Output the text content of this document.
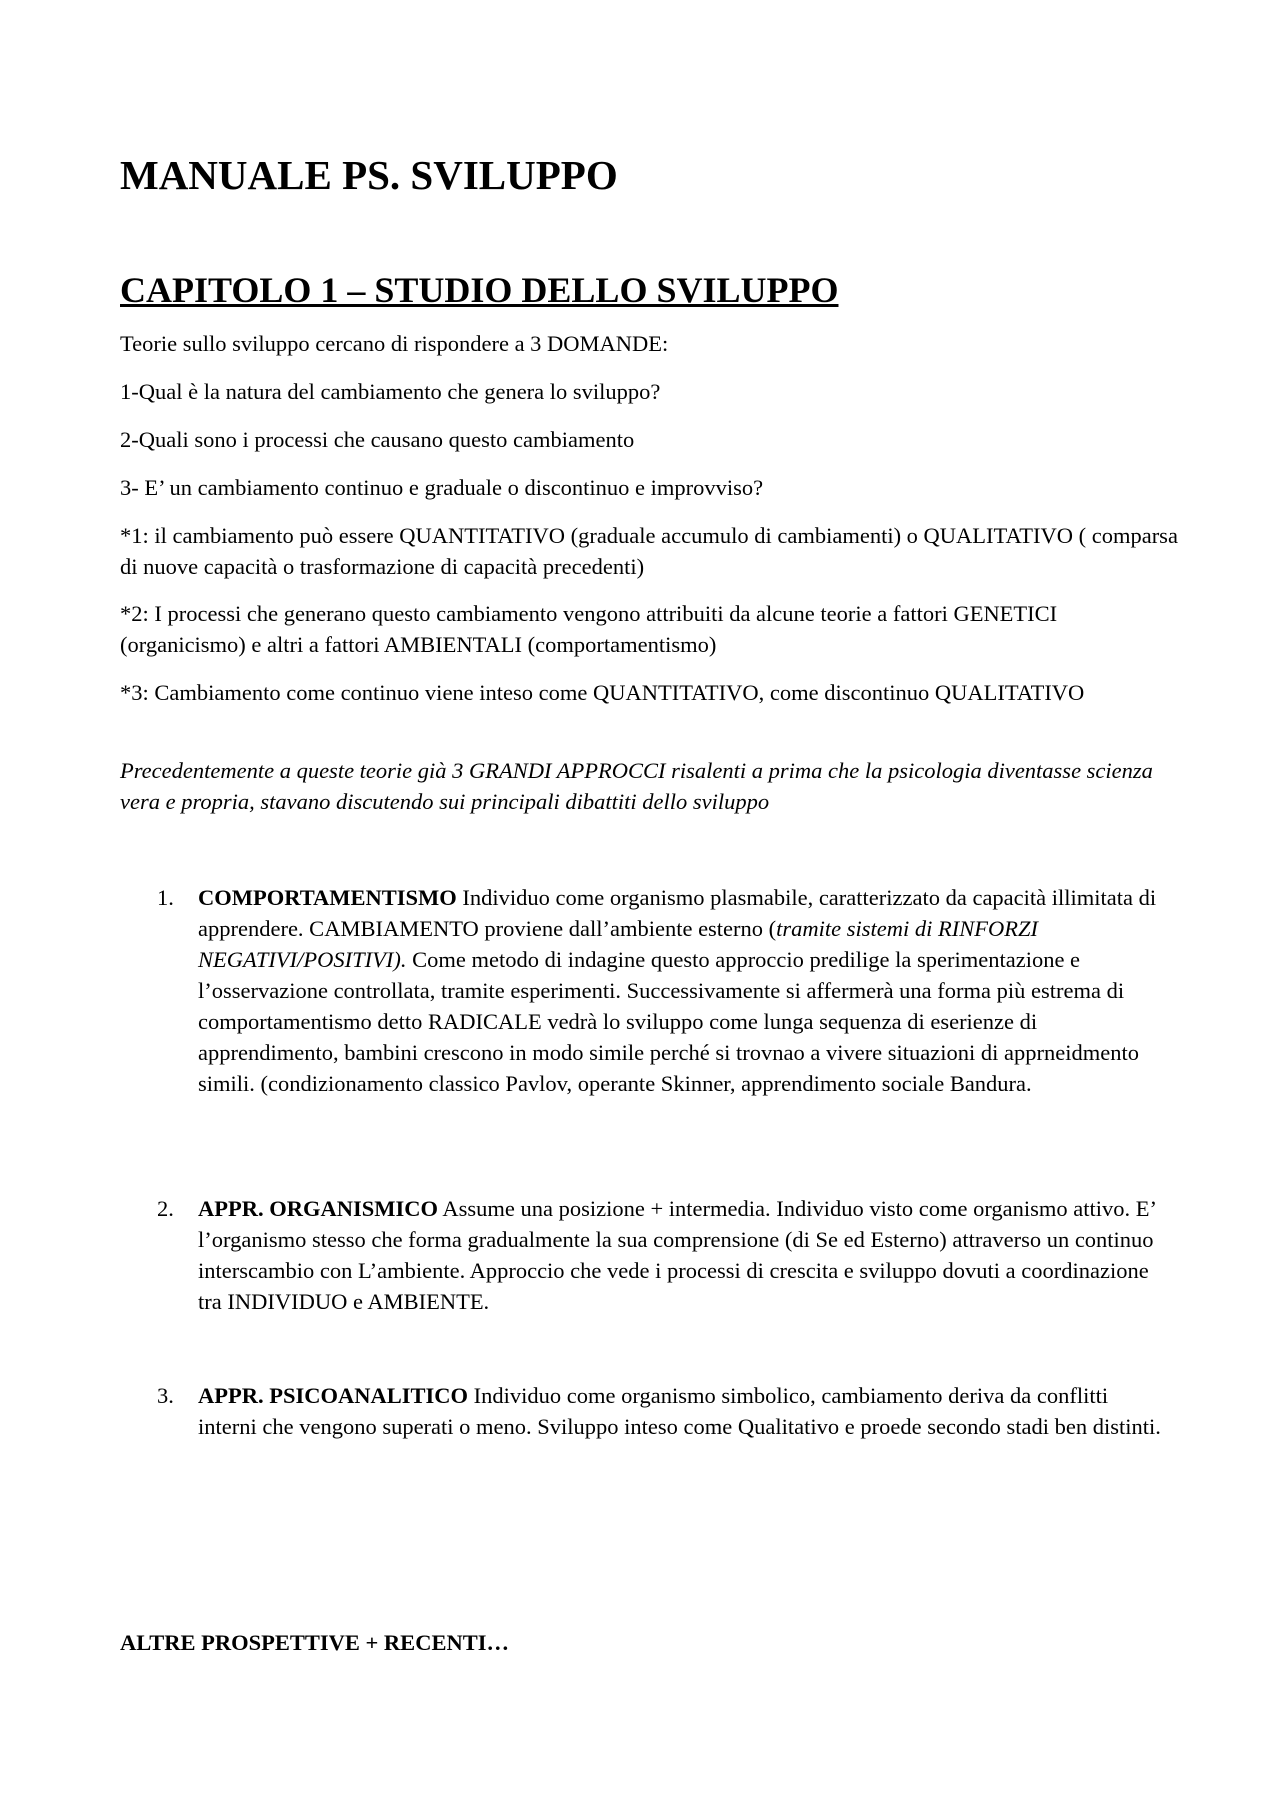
MANUALE PS. SVILUPPO
CAPITOLO 1 – STUDIO DELLO SVILUPPO

Teorie sullo sviluppo cercano di rispondere a 3 DOMANDE:

1-Qual è la natura del cambiamento che genera lo sviluppo?

2-Quali sono i processi che causano questo cambiamento

3- E’ un cambiamento continuo e graduale o discontinuo e improvviso?

*1: il cambiamento può essere QUANTITATIVO (graduale accumulo di cambiamenti) o QUALITATIVO ( comparsa di nuove capacità o trasformazione di capacità precedenti)

*2: I processi che generano questo cambiamento vengono attribuiti da alcune teorie a fattori GENETICI (organicismo) e altri a fattori AMBIENTALI (comportamentismo)

*3: Cambiamento come continuo viene inteso come QUANTITATIVO, come discontinuo QUALITATIVO

Precedentemente a queste teorie già 3 GRANDI APPROCCI risalenti a prima che la psicologia diventasse scienza vera e propria, stavano discutendo sui principali dibattiti dello sviluppo

1.	COMPORTAMENTISMO Individuo come organismo plasmabile, caratterizzato da capacità illimitata di apprendere. CAMBIAMENTO proviene dall’ambiente esterno (tramite sistemi di RINFORZI NEGATIVI/POSITIVI). Come metodo di indagine questo approccio predilige la sperimentazione e l’osservazione controllata, tramite esperimenti. Successivamente si affermerà una forma più estrema di comportamentismo detto RADICALE vedrà lo sviluppo come lunga sequenza di eserienze di apprendimento, bambini crescono in modo simile perché si trovnao a vivere situazioni di apprneidmento simili. (condizionamento classico Pavlov, operante Skinner, apprendimento sociale Bandura.
2.	APPR. ORGANISMICO Assume una posizione + intermedia. Individuo visto come organismo attivo. E’ l’organismo stesso che forma gradualmente la sua comprensione (di Se ed Esterno) attraverso un continuo interscambio con L’ambiente. Approccio che vede i processi di crescita e sviluppo dovuti a coordinazione tra INDIVIDUO e AMBIENTE.
3.	APPR. PSICOANALITICO Individuo come organismo simbolico, cambiamento deriva da conflitti interni che vengono superati o meno. Sviluppo inteso come Qualitativo e proede secondo stadi ben distinti.

ALTRE PROSPETTIVE + RECENTI…
